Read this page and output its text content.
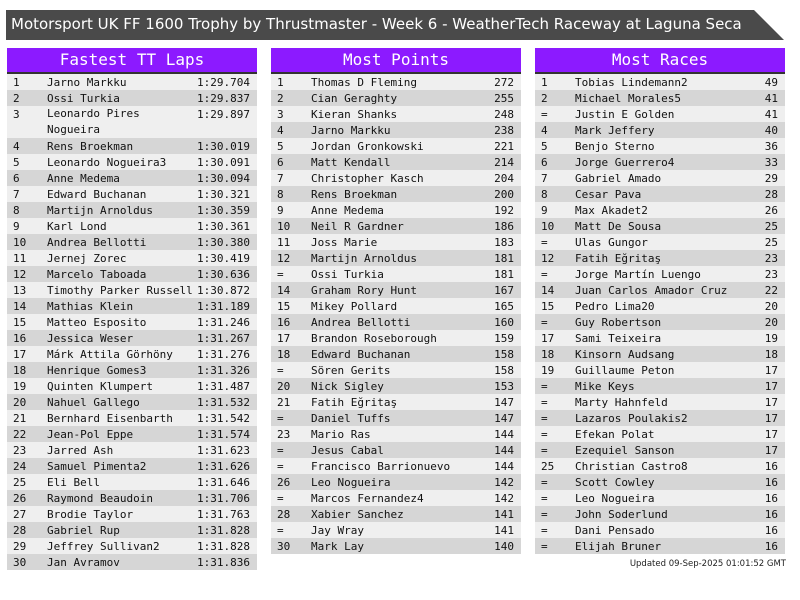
Motorsport UK FF 1600 Trophy by Thrustmaster - Week 6 - WeatherTech Raceway at Laguna Seca
Fastest TT Laps
1 Jarno Markku	1:29.704
2 Ossi Turkia	1:29.837
3 Leonardo Pires Nogueira
1:29.897
4 Rens Broekman	1:30.019
5 Leonardo Nogueira3	1:30.091
6 Anne Medema	1:30.094
7 Edward Buchanan	1:30.321
8 Martijn Arnoldus	1:30.359
9 Karl Lond	1:30.361
10 Andrea Bellotti	1:30.380
11 Jernej Zorec	1:30.419
12 Marcelo Taboada	1:30.636
13 Timothy Parker Russell 1:30.872
14 Mathias Klein	1:31.189
15 Matteo Esposito	1:31.246
16 Jessica Weser	1:31.267
17 Márk Attila Görhöny 1:31.276
18 Henrique Gomes3	1:31.326
19 Quinten Klumpert	1:31.487
20 Nahuel Gallego	1:31.532
21 Bernhard Eisenbarth 1:31.542
22 Jean-Pol Eppe	1:31.574
23 Jarred Ash	1:31.623
24 Samuel Pimenta2	1:31.626
25 Eli Bell	1:31.646
26 Raymond Beaudoin	1:31.706
27 Brodie Taylor	1:31.763
28 Gabriel Rup	1:31.828
29 Jeffrey Sullivan2	1:31.828
30 Jan Avramov	1:31.836
Most Points
1 Thomas D Fleming	272
2 Cian Geraghty	255
3 Kieran Shanks	248
4 Jarno Markku	238
5 Jordan Gronkowski	221
6 Matt Kendall	214
7 Christopher Kasch	204
8 Rens Broekman	200
9 Anne Medema	192
10 Neil R Gardner	186
11 Joss Marie	183
12 Martijn Arnoldus	181
= Ossi Turkia	181
14 Graham Rory Hunt	167
15 Mikey Pollard	165
16 Andrea Bellotti	160
17 Brandon Roseborough	159
18 Edward Buchanan	158
= Sören Gerits	158
20 Nick Sigley	153
21 Fatih Eğritaş	147
= Daniel Tuffs	147
23 Mario Ras	144
= Jesus Cabal	144
= Francisco Barrionuevo	144
26 Leo Nogueira	142
= Marcos Fernandez4	142
28 Xabier Sanchez	141
= Jay Wray	141
30 Mark Lay	140
Most Races
1 Tobias Lindemann2	49
2 Michael Morales5	41
= Justin E Golden	41
4 Mark Jeffery	40
5 Benjo Sterno	36
6 Jorge Guerrero4	33
7 Gabriel Amado	29
8 Cesar Pava	28
9 Max Akadet2	26
10 Matt De Sousa	25
= Ulas Gungor	25
12 Fatih Eğritaş	23
= Jorge Martín Luengo	23
14 Juan Carlos Amador Cruz	22
15 Pedro Lima20	20
= Guy Robertson	20
17 Sami Teixeira	19
18 Kinsorn Audsang	18
19 Guillaume Peton	17
= Mike Keys	17
= Marty Hahnfeld	17
= Lazaros Poulakis2	17
= Efekan Polat	17
= Ezequiel Sanson	17
25 Christian Castro8	16
= Scott Cowley	16
= Leo Nogueira	16
= John Soderlund	16
= Dani Pensado	16
= Elijah Bruner	16
Updated 09-Sep-2025 01:01:52 GMT
